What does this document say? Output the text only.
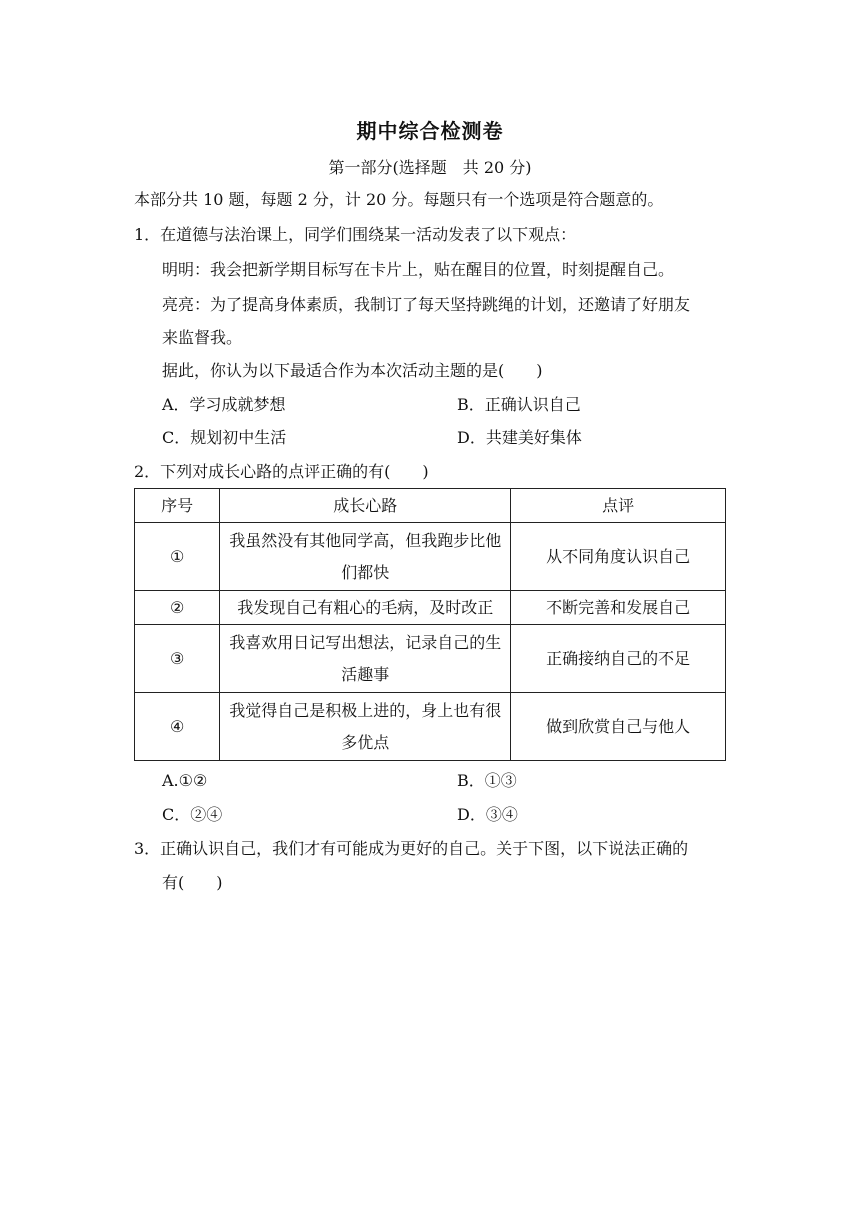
期中综合检测卷
第一部分(选择题　共 20 分)
本部分共 10 题，每题 2 分，计 20 分。每题只有一个选项是符合题意的。
1．在道德与法治课上，同学们围绕某一活动发表了以下观点：
明明：我会把新学期目标写在卡片上，贴在醒目的位置，时刻提醒自己。
亮亮：为了提高身体素质，我制订了每天坚持跳绳的计划，还邀请了好朋友
来监督我。
据此，你认为以下最适合作为本次活动主题的是(　　)
A．学习成就梦想	B．正确认识自己
C．规划初中生活	D．共建美好集体
2．下列对成长心路的点评正确的有(　　)
序号	成长心路	点评
①	我虽然没有其他同学高，但我跑步比他们都快	从不同角度认识自己
②	我发现自己有粗心的毛病，及时改正	不断完善和发展自己
③	我喜欢用日记写出想法，记录自己的生活趣事	正确接纳自己的不足
④	我觉得自己是积极上进的，身上也有很多优点	做到欣赏自己与他人
A.①②	B．①③
C．②④	D．③④
3．正确认识自己，我们才有可能成为更好的自己。关于下图，以下说法正确的
有(　　)
